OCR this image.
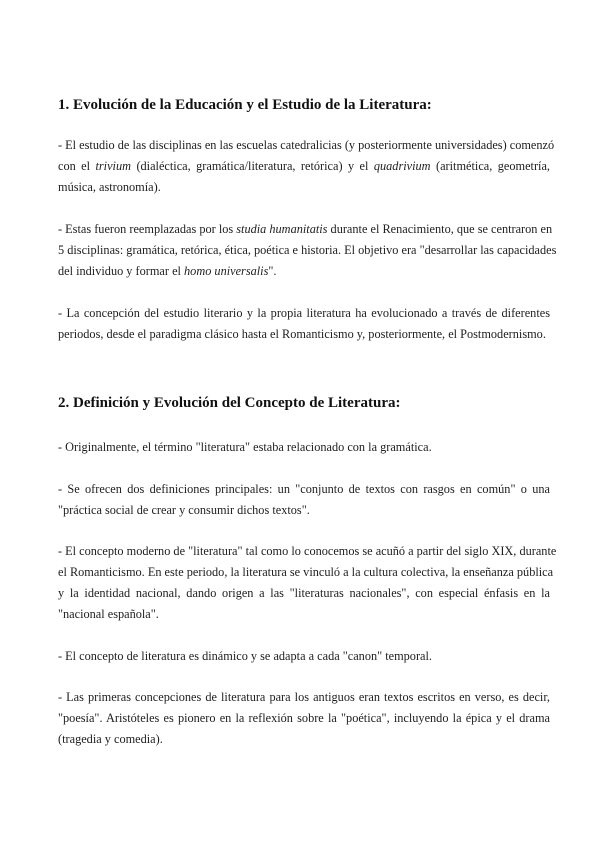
1. Evolución de la Educación y el Estudio de la Literatura:

- El estudio de las disciplinas en las escuelas catedralicias (y posteriormente universidades) comenzó
con el trivium (dialéctica, gramática/literatura, retórica) y el quadrivium (aritmética, geometría,
música, astronomía).

- Estas fueron reemplazadas por los studia humanitatis durante el Renacimiento, que se centraron en
5 disciplinas: gramática, retórica, ética, poética e historia. El objetivo era "desarrollar las capacidades
del individuo y formar el homo universalis".

- La concepción del estudio literario y la propia literatura ha evolucionado a través de diferentes
periodos, desde el paradigma clásico hasta el Romanticismo y, posteriormente, el Postmodernismo.

2. Definición y Evolución del Concepto de Literatura:

- Originalmente, el término "literatura" estaba relacionado con la gramática.

- Se ofrecen dos definiciones principales: un "conjunto de textos con rasgos en común" o una
"práctica social de crear y consumir dichos textos".

- El concepto moderno de "literatura" tal como lo conocemos se acuñó a partir del siglo XIX, durante
el Romanticismo. En este periodo, la literatura se vinculó a la cultura colectiva, la enseñanza pública
y la identidad nacional, dando origen a las "literaturas nacionales", con especial énfasis en la
"nacional española".

- El concepto de literatura es dinámico y se adapta a cada "canon" temporal.

- Las primeras concepciones de literatura para los antiguos eran textos escritos en verso, es decir,
"poesía". Aristóteles es pionero en la reflexión sobre la "poética", incluyendo la épica y el drama
(tragedia y comedia).
